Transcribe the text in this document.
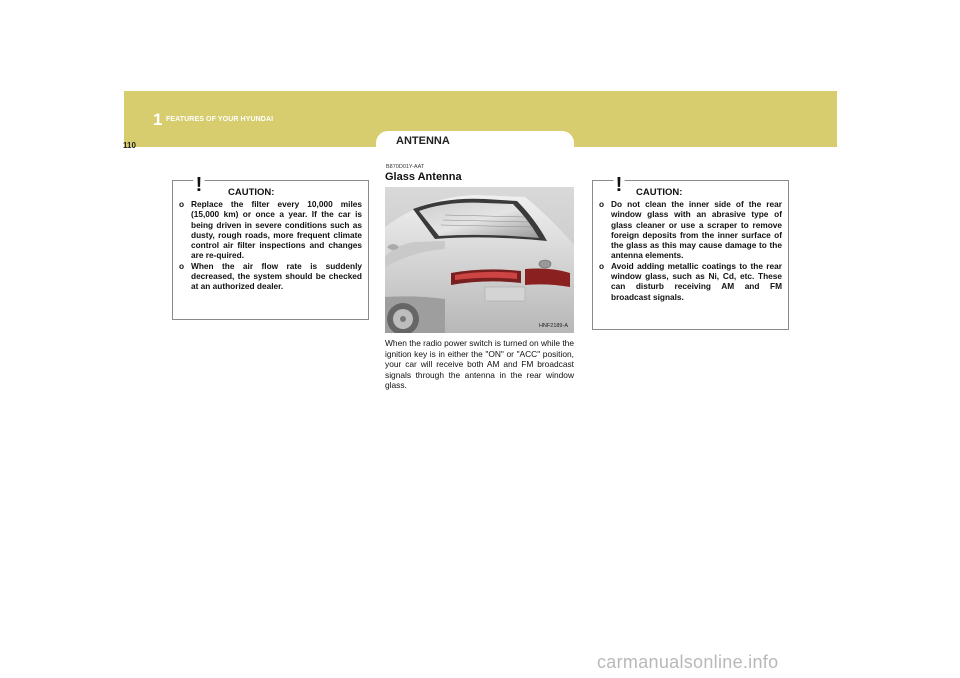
1 FEATURES OF YOUR HYUNDAI
110	ANTENNA
!	CAUTION:
o Replace the filter every 10,000 miles (15,000 km) or once a year. If the car is being driven in severe conditions such as dusty, rough roads, more frequent climate control air filter inspections and changes are re-quired.
o When the air flow rate is suddenly decreased, the system should be checked at an authorized dealer.
B870D01Y-AAT
Glass Antenna
HNF2189-A
When the radio power switch is turned on while the ignition key is in either the "ON" or "ACC" position, your car will receive both AM and FM broadcast signals through the antenna in the rear window glass.
! CAUTION:
o Do not clean the inner side of the rear window glass with an abrasive type of glass cleaner or use a scraper to remove foreign deposits from the inner surface of the glass as this may cause damage to the antenna elements.
o Avoid adding metallic coatings to the rear window glass, such as Ni, Cd, etc. These can disturb receiving AM and FM broadcast signals.
carmanualsonline.info
